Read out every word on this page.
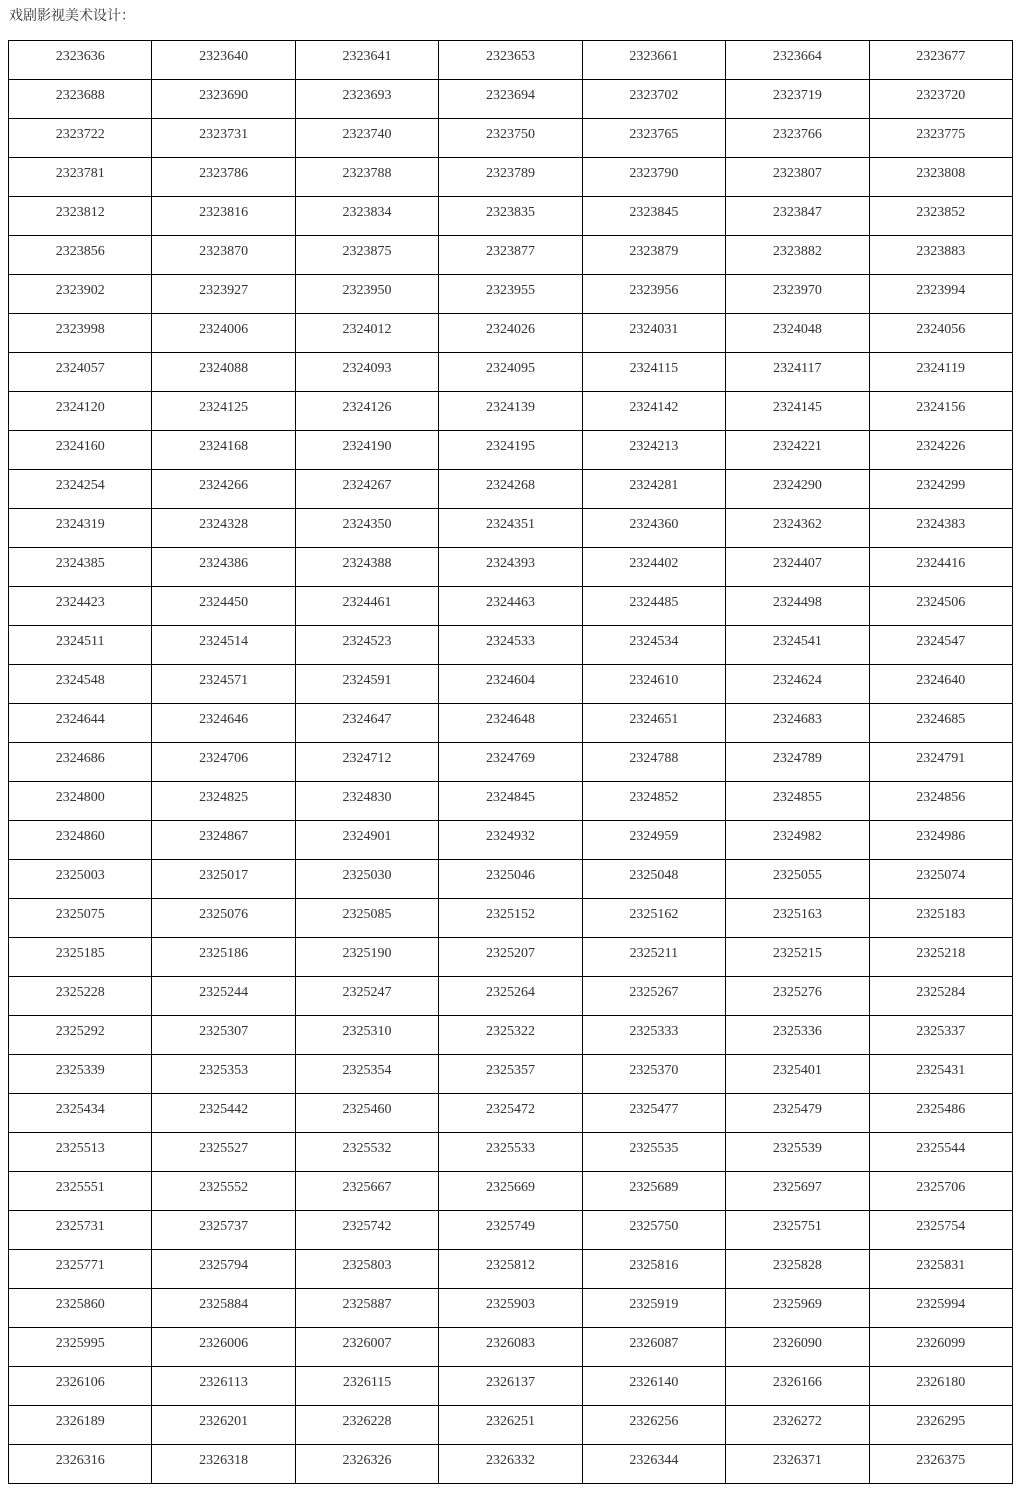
戏剧影视美术设计：
2323636	2323640	2323641	2323653	2323661	2323664	2323677

2323688	2323690	2323693	2323694	2323702	2323719	2323720

2323722	2323731	2323740	2323750	2323765	2323766	2323775

2323781	2323786	2323788	2323789	2323790	2323807	2323808

2323812	2323816	2323834	2323835	2323845	2323847	2323852

2323856	2323870	2323875	2323877	2323879	2323882	2323883

2323902	2323927	2323950	2323955	2323956	2323970	2323994

2323998	2324006	2324012	2324026	2324031	2324048	2324056

2324057	2324088	2324093	2324095	2324115	2324117	2324119

2324120	2324125	2324126	2324139	2324142	2324145	2324156

2324160	2324168	2324190	2324195	2324213	2324221	2324226

2324254	2324266	2324267	2324268	2324281	2324290	2324299

2324319	2324328	2324350	2324351	2324360	2324362	2324383

2324385	2324386	2324388	2324393	2324402	2324407	2324416

2324423	2324450	2324461	2324463	2324485	2324498	2324506

2324511	2324514	2324523	2324533	2324534	2324541	2324547

2324548	2324571	2324591	2324604	2324610	2324624	2324640

2324644	2324646	2324647	2324648	2324651	2324683	2324685

2324686	2324706	2324712	2324769	2324788	2324789	2324791

2324800	2324825	2324830	2324845	2324852	2324855	2324856

2324860	2324867	2324901	2324932	2324959	2324982	2324986

2325003	2325017	2325030	2325046	2325048	2325055	2325074

2325075	2325076	2325085	2325152	2325162	2325163	2325183

2325185	2325186	2325190	2325207	2325211	2325215	2325218

2325228	2325244	2325247	2325264	2325267	2325276	2325284

2325292	2325307	2325310	2325322	2325333	2325336	2325337

2325339	2325353	2325354	2325357	2325370	2325401	2325431

2325434	2325442	2325460	2325472	2325477	2325479	2325486

2325513	2325527	2325532	2325533	2325535	2325539	2325544

2325551	2325552	2325667	2325669	2325689	2325697	2325706

2325731	2325737	2325742	2325749	2325750	2325751	2325754

2325771	2325794	2325803	2325812	2325816	2325828	2325831

2325860	2325884	2325887	2325903	2325919	2325969	2325994

2325995	2326006	2326007	2326083	2326087	2326090	2326099

2326106	2326113	2326115	2326137	2326140	2326166	2326180

2326189	2326201	2326228	2326251	2326256	2326272	2326295

2326316	2326318	2326326	2326332	2326344	2326371	2326375
